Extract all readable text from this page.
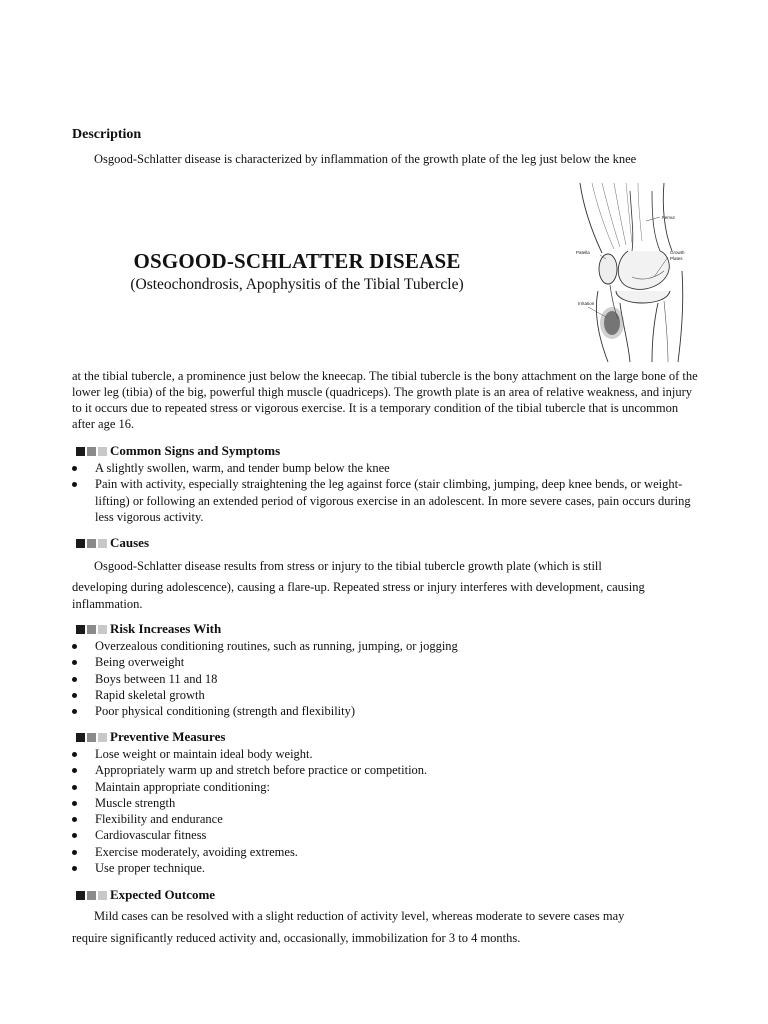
Description

Osgood-Schlatter disease is characterized by inflammation of the growth plate of the leg just below the knee

Femur
Patella	Growth
Plates
Irritation
OSGOOD-SCHLATTER DISEASE

(Osteochondrosis, Apophysitis of the Tibial Tubercle)

at the tibial tubercle, a prominence just below the kneecap. The tibial tubercle is the bony attachment on the large bone of the lower leg (tibia) of the big, powerful thigh muscle (quadriceps). The growth plate is an area of relative weakness, and injury to it occurs due to repeated stress or vigorous exercise. It is a temporary condition of the tibial tubercle that is uncommon after age 16.

Common Signs and Symptoms
A slightly swollen, warm, and tender bump below the knee
Pain with activity, especially straightening the leg against force (stair climbing, jumping, deep knee bends, or weight-lifting) or following an extended period of vigorous exercise in an adolescent. In more severe cases, pain occurs during less vigorous activity.
Causes

Osgood-Schlatter disease results from stress or injury to the tibial tubercle growth plate (which is still

developing during adolescence), causing a flare-up. Repeated stress or injury interferes with development, causing inflammation.

Risk Increases With
Overzealous conditioning routines, such as running, jumping, or jogging
Being overweight
Boys between 11 and 18
Rapid skeletal growth
Poor physical conditioning (strength and flexibility)
Preventive Measures
Lose weight or maintain ideal body weight.
Appropriately warm up and stretch before practice or competition.
Maintain appropriate conditioning:
Muscle strength
Flexibility and endurance
Cardiovascular fitness
Exercise moderately, avoiding extremes.
Use proper technique.
Expected Outcome

Mild cases can be resolved with a slight reduction of activity level, whereas moderate to severe cases may

require significantly reduced activity and, occasionally, immobilization for 3 to 4 months.
